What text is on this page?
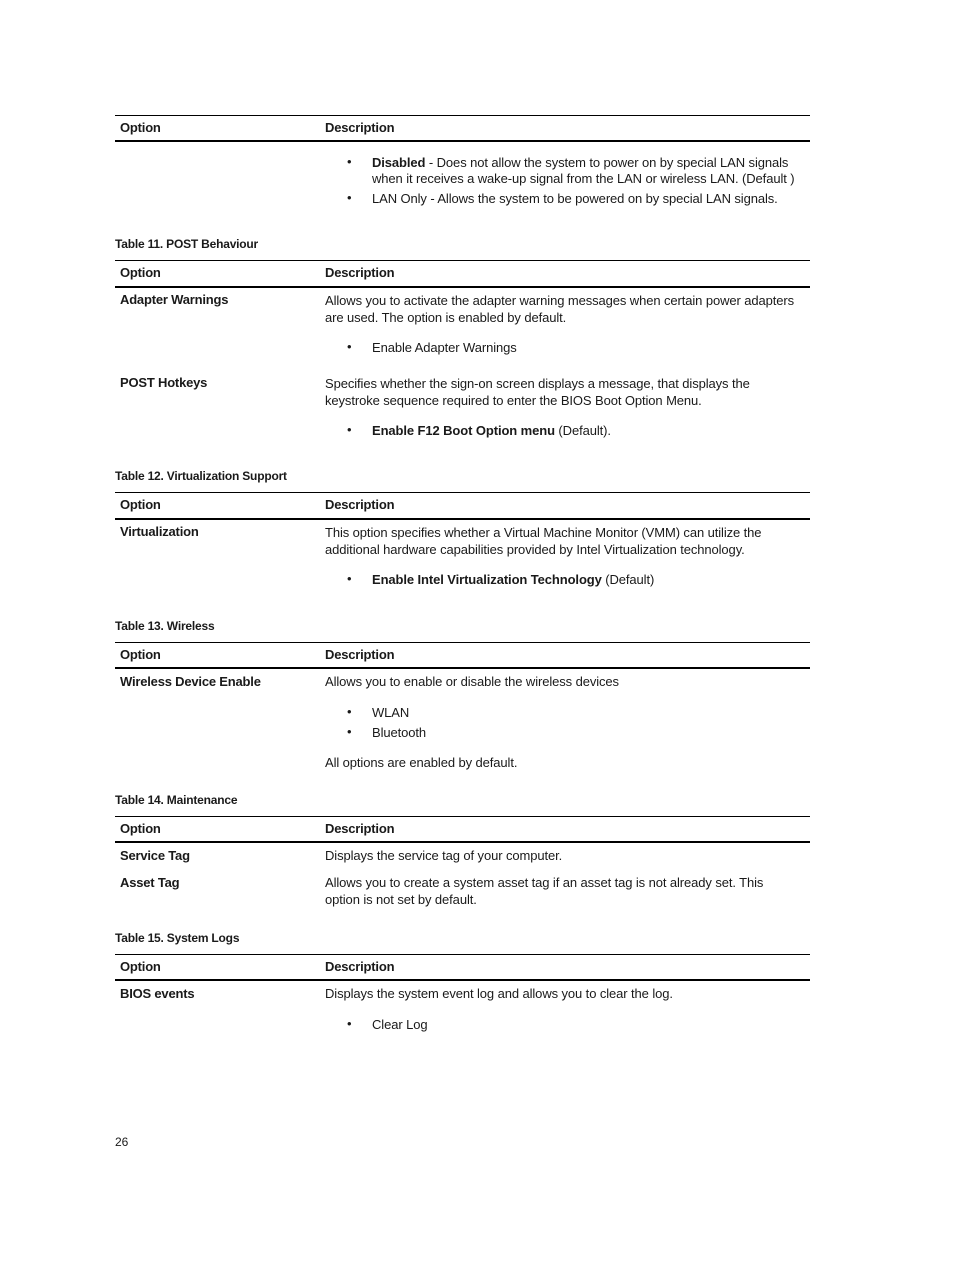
Option	Description
• Disabled - Does not allow the system to power on by special LAN signals when it receives a wake-up signal from the LAN or wireless LAN. (Default )
• LAN Only - Allows the system to be powered on by special LAN signals.
Table 11. POST Behaviour
Option	Description
Adapter Warnings	Allows you to activate the adapter warning messages when certain power adapters are used. The option is enabled by default.
• Enable Adapter Warnings
POST Hotkeys	Specifies whether the sign-on screen displays a message, that displays the keystroke sequence required to enter the BIOS Boot Option Menu.
• Enable F12 Boot Option menu (Default).
Table 12. Virtualization Support
Option	Description
Virtualization	This option specifies whether a Virtual Machine Monitor (VMM) can utilize the additional hardware capabilities provided by Intel Virtualization technology.
• Enable Intel Virtualization Technology (Default)
Table 13. Wireless
Option	Description
Wireless Device Enable	Allows you to enable or disable the wireless devices
• WLAN
• Bluetooth
All options are enabled by default.
Table 14. Maintenance
Option	Description
Service Tag	Displays the service tag of your computer.
Asset Tag	Allows you to create a system asset tag if an asset tag is not already set. This option is not set by default.
Table 15. System Logs
Option	Description
BIOS events	Displays the system event log and allows you to clear the log.
• Clear Log
26
